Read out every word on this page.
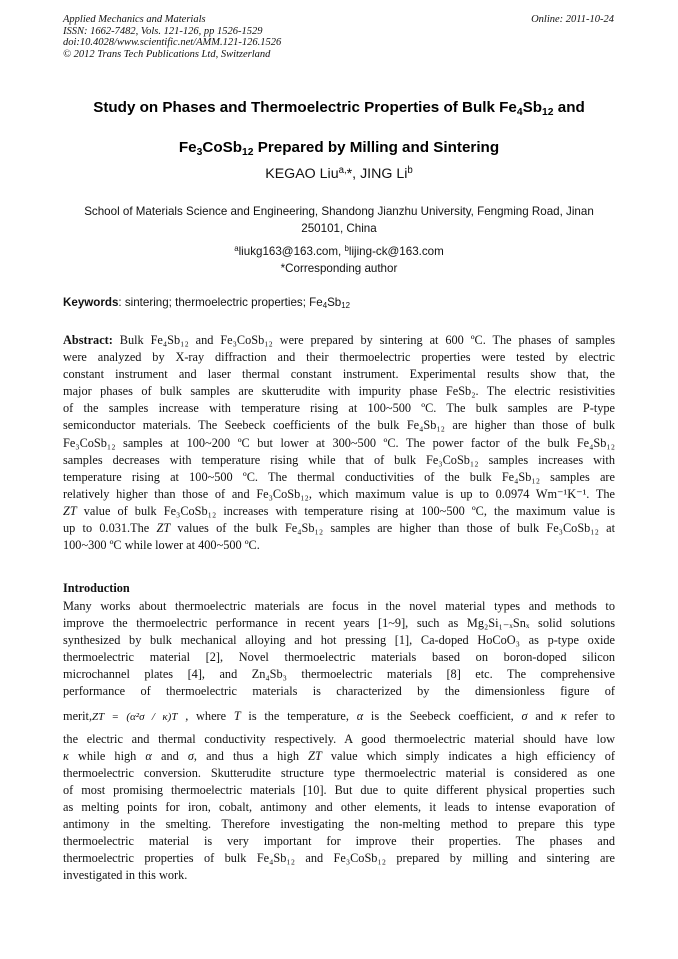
Applied Mechanics and Materials
ISSN: 1662-7482, Vols. 121-126, pp 1526-1529
doi:10.4028/www.scientific.net/AMM.121-126.1526
© 2012 Trans Tech Publications Ltd, Switzerland
Online: 2011-10-24
Study on Phases and Thermoelectric Properties of Bulk $Fe_4Sb_{12}$ and
$Fe_3CoSb_{12}$ Prepared by Milling and Sintering
KEGAO Liu$^{a,}$*, JING Li$^b$
School of Materials Science and Engineering, Shandong Jianzhu University, Fengming Road, Jinan
250101, China
$^a$liukg163@163.com, $^b$lijing-ck@163.com
*Corresponding author
Keywords: sintering; thermoelectric properties; $Fe_4Sb_{12}$
Abstract: Bulk Fe₄Sb₁₂ and Fe₃CoSb₁₂ were prepared by sintering at 600 ºC. The phases of samples
were analyzed by X-ray diffraction and their thermoelectric properties were tested by electric
constant instrument and laser thermal constant instrument. Experimental results show that, the
major phases of bulk samples are skutterudite with impurity phase FeSb₂. The electric resistivities
of the samples increase with temperature rising at 100~500 ºC. The bulk samples are P-type
semiconductor materials. The Seebeck coefficients of the bulk Fe₄Sb₁₂ are higher than those of bulk
Fe₃CoSb₁₂ samples at 100~200 ºC but lower at 300~500 ºC. The power factor of the bulk Fe₄Sb₁₂
samples decreases with temperature rising while that of bulk Fe₃CoSb₁₂ samples increases with
temperature rising at 100~500 ºC. The thermal conductivities of the bulk Fe₄Sb₁₂ samples are
relatively higher than those of and Fe₃CoSb₁₂, which maximum value is up to 0.0974 Wm⁻¹K⁻¹. The
ZT value of bulk Fe₃CoSb₁₂ increases with temperature rising at 100~500 ºC, the maximum value is
up to 0.031.The ZT values of the bulk Fe₄Sb₁₂ samples are higher than those of bulk Fe₃CoSb₁₂ at
100~300 ºC while lower at 400~500 ºC.
Introduction
Many works about thermoelectric materials are focus in the novel material types and methods to
improve the thermoelectric performance in recent years [1~9], such as Mg₂Si₁₋ₓSnₓ solid solutions
synthesized by bulk mechanical alloying and hot pressing [1], Ca-doped HoCoO₃ as p-type oxide
thermoelectric material [2], Novel thermoelectric materials based on boron-doped silicon
microchannel plates [4], and Zn₄Sb₃ thermoelectric materials [8] etc. The comprehensive
performance of thermoelectric materials is characterized by the dimensionless figure of
merit,ZT = (α²σ / κ)T , where T is the temperature, α is the Seebeck coefficient, σ and κ refer to
the electric and thermal conductivity respectively. A good thermoelectric material should have low
κ while high α and σ, and thus a high ZT value which simply indicates a high efficiency of
thermoelectric conversion. Skutterudite structure type thermoelectric material is considered as one
of most promising thermoelectric materials [10]. But due to quite different physical properties such
as melting points for iron, cobalt, antimony and other elements, it leads to intense evaporation of
antimony in the smelting. Therefore investigating the non-melting method to prepare this type
thermoelectric material is very important for improve their properties. The phases and
thermoelectric properties of bulk Fe₄Sb₁₂ and Fe₃CoSb₁₂ prepared by milling and sintering are
investigated in this work.
